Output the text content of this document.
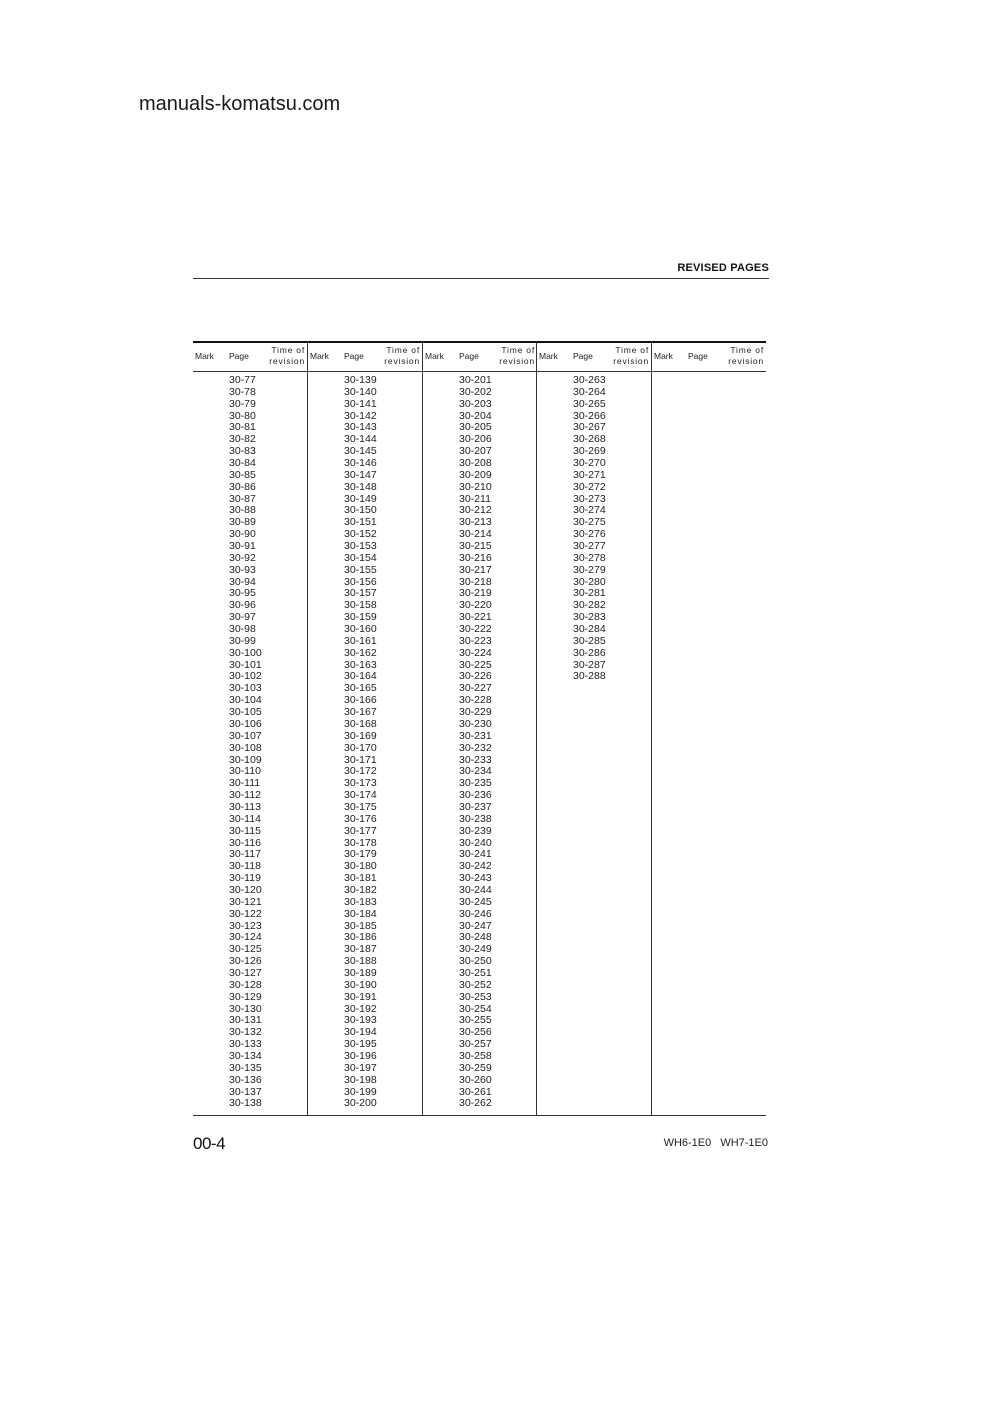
manuals-komatsu.com
REVISED PAGES
Mark Page
Time of
revision
30-77
30-78
30-79
30-80
30-81
30-82
30-83
30-84
30-85
30-86
30-87
30-88
30-89
30-90
30-91
30-92
30-93
30-94
30-95
30-96
30-97
30-98
30-99
30-100
30-101
30-102
30-103
30-104
30-105
30-106
30-107
30-108
30-109
30-110
30-111
30-112
30-113
30-114
30-115
30-116
30-117
30-118
30-119
30-120
30-121
30-122
30-123
30-124
30-125
30-126
30-127
30-128
30-129
30-130
30-131
30-132
30-133
30-134
30-135
30-136
30-137
30-138
Mark Page
Time of
revision
30-139
30-140
30-141
30-142
30-143
30-144
30-145
30-146
30-147
30-148
30-149
30-150
30-151
30-152
30-153
30-154
30-155
30-156
30-157
30-158
30-159
30-160
30-161
30-162
30-163
30-164
30-165
30-166
30-167
30-168
30-169
30-170
30-171
30-172
30-173
30-174
30-175
30-176
30-177
30-178
30-179
30-180
30-181
30-182
30-183
30-184
30-185
30-186
30-187
30-188
30-189
30-190
30-191
30-192
30-193
30-194
30-195
30-196
30-197
30-198
30-199
30-200
Mark Page
Time of
revision
30-201
30-202
30-203
30-204
30-205
30-206
30-207
30-208
30-209
30-210
30-211
30-212
30-213
30-214
30-215
30-216
30-217
30-218
30-219
30-220
30-221
30-222
30-223
30-224
30-225
30-226
30-227
30-228
30-229
30-230
30-231
30-232
30-233
30-234
30-235
30-236
30-237
30-238
30-239
30-240
30-241
30-242
30-243
30-244
30-245
30-246
30-247
30-248
30-249
30-250
30-251
30-252
30-253
30-254
30-255
30-256
30-257
30-258
30-259
30-260
30-261
30-262
Mark Page
Time of
revision
30-263
30-264
30-265
30-266
30-267
30-268
30-269
30-270
30-271
30-272
30-273
30-274
30-275
30-276
30-277
30-278
30-279
30-280
30-281
30-282
30-283
30-284
30-285
30-286
30-287
30-288
Mark Page
Time of
revision
00-4	WH6-1E0 WH7-1E0
